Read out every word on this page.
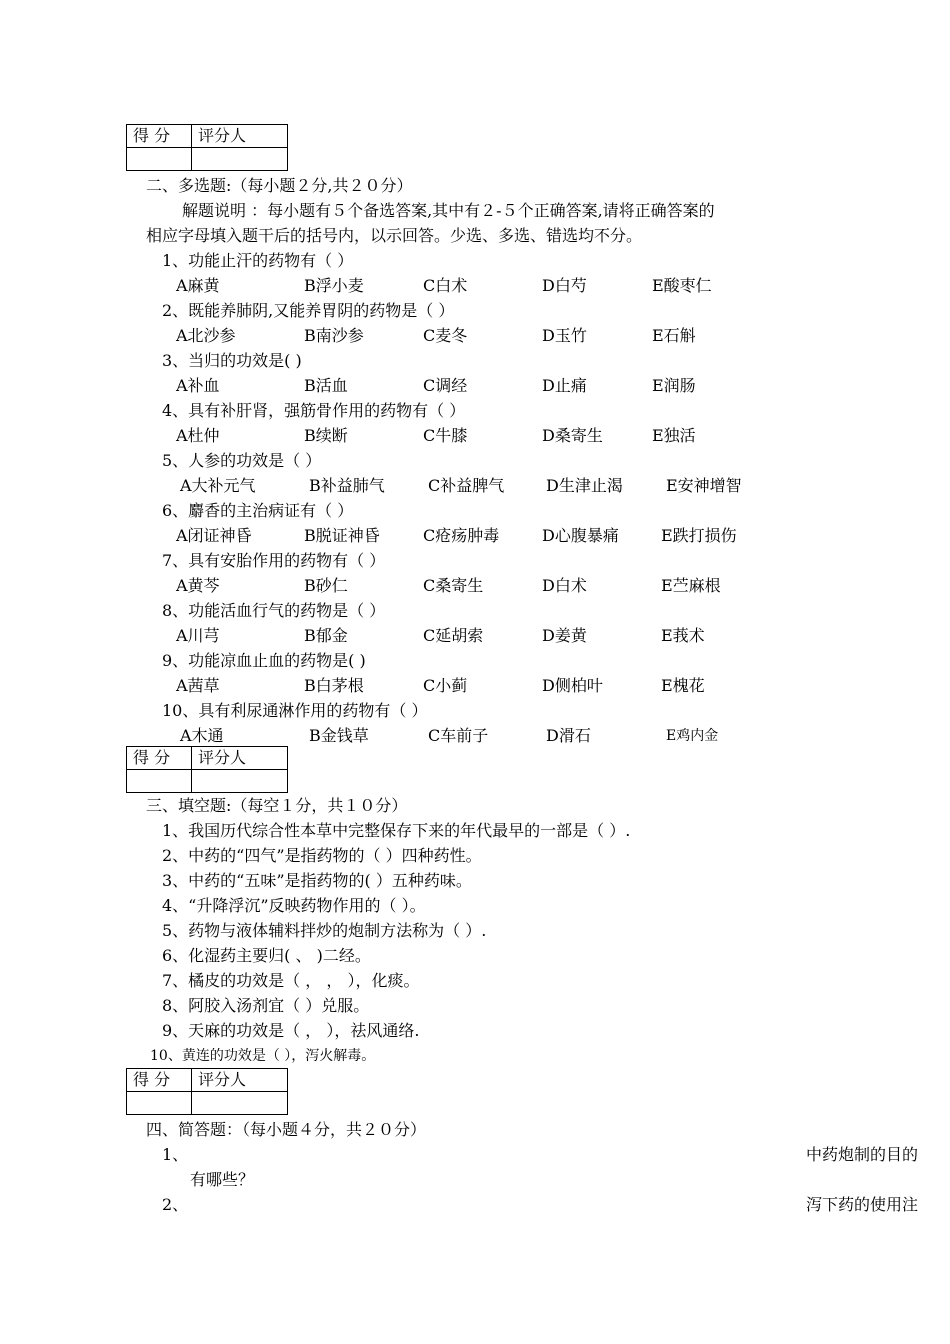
得 分	评分人

二、多选题:（每小题２分,共２０分）
解题说明 ：每小题有５个备选答案,其中有２-５个正确答案,请将正确答案的
相应字母填入题干后的括号内，以示回答。少选、多选、错选均不分。
1、功能止汗的药物有（ ）
A麻黄	B浮小麦	C白术	D白芍	E酸枣仁
2、既能养肺阴,又能养胃阴的药物是（ ）
A北沙参	B南沙参	C麦冬	D玉竹	E石斛
3、当归的功效是( )
A补血	B活血	C调经	D止痛	E润肠
4、具有补肝肾，强筋骨作用的药物有（ ）
A杜仲	B续断	C牛膝	D桑寄生	E独活
5、人参的功效是（ ）
A大补元气	B补益肺气	C补益脾气	D生津止渴	E安神增智
6、麝香的主治病证有（ ）
A闭证神昏	B脱证神昏	C疮疡肿毒	D心腹暴痛	E跌打损伤
7、具有安胎作用的药物有（ ）
A黄芩	B砂仁	C桑寄生	D白术	E苎麻根
8、功能活血行气的药物是（ ）
A川芎	B郁金	C延胡索	D姜黄	E莪术
9、功能凉血止血的药物是( )
A茜草	B白茅根	C小蓟	D侧柏叶	E槐花
10、具有利尿通淋作用的药物有（ ）
A木通	B金钱草	C车前子	D滑石	E鸡内金
得 分	评分人

三、填空题:（每空１分，共１０分）
1、我国历代综合性本草中完整保存下来的年代最早的一部是（ ）.
2、中药的“四气”是指药物的（ ）四种药性。
3、中药的“五味”是指药物的( ）五种药味。
4、“升降浮沉”反映药物作用的（ ）。
5、药物与液体辅料拌炒的炮制方法称为（ ）.
6、化湿药主要归( 、 )二经。
7、橘皮的功效是（ ， ， ），化痰。
8、阿胶入汤剂宜（ ）兑服。
9、天麻的功效是（ ， ），祛风通络.
10、黄连的功效是（ ），泻火解毒。
得 分	评分人

四、简答题：（每小题４分，共２０分）
1、	中药炮制的目的
有哪些？
2、	泻下药的使用注
